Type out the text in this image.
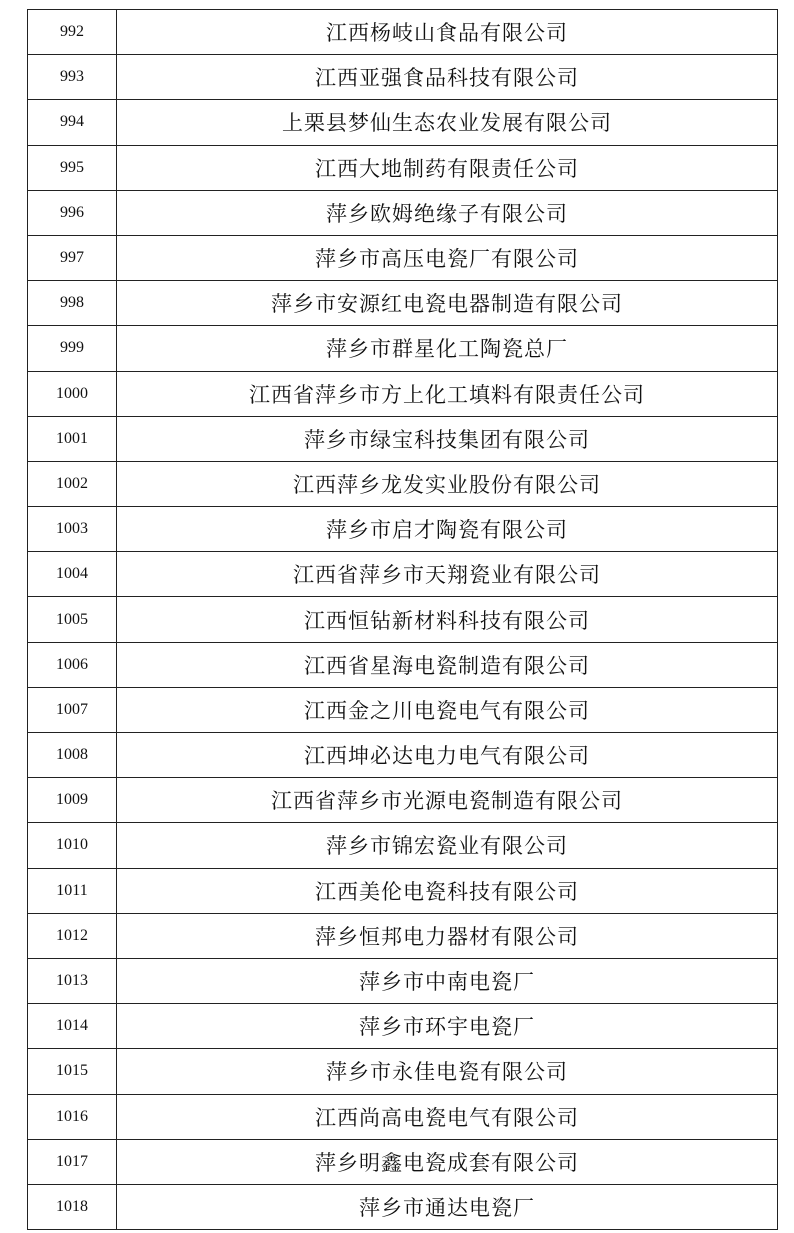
992	江西杨岐山食品有限公司
993	江西亚强食品科技有限公司
994	上栗县梦仙生态农业发展有限公司
995	江西大地制药有限责任公司
996	萍乡欧姆绝缘子有限公司
997	萍乡市高压电瓷厂有限公司
998	萍乡市安源红电瓷电器制造有限公司
999	萍乡市群星化工陶瓷总厂
1000	江西省萍乡市方上化工填料有限责任公司
1001	萍乡市绿宝科技集团有限公司
1002	江西萍乡龙发实业股份有限公司
1003	萍乡市启才陶瓷有限公司
1004	江西省萍乡市天翔瓷业有限公司
1005	江西恒钻新材料科技有限公司
1006	江西省星海电瓷制造有限公司
1007	江西金之川电瓷电气有限公司
1008	江西坤必达电力电气有限公司
1009	江西省萍乡市光源电瓷制造有限公司
1010	萍乡市锦宏瓷业有限公司
1011	江西美伦电瓷科技有限公司
1012	萍乡恒邦电力器材有限公司
1013	萍乡市中南电瓷厂
1014	萍乡市环宇电瓷厂
1015	萍乡市永佳电瓷有限公司
1016	江西尚高电瓷电气有限公司
1017	萍乡明鑫电瓷成套有限公司
1018	萍乡市通达电瓷厂
